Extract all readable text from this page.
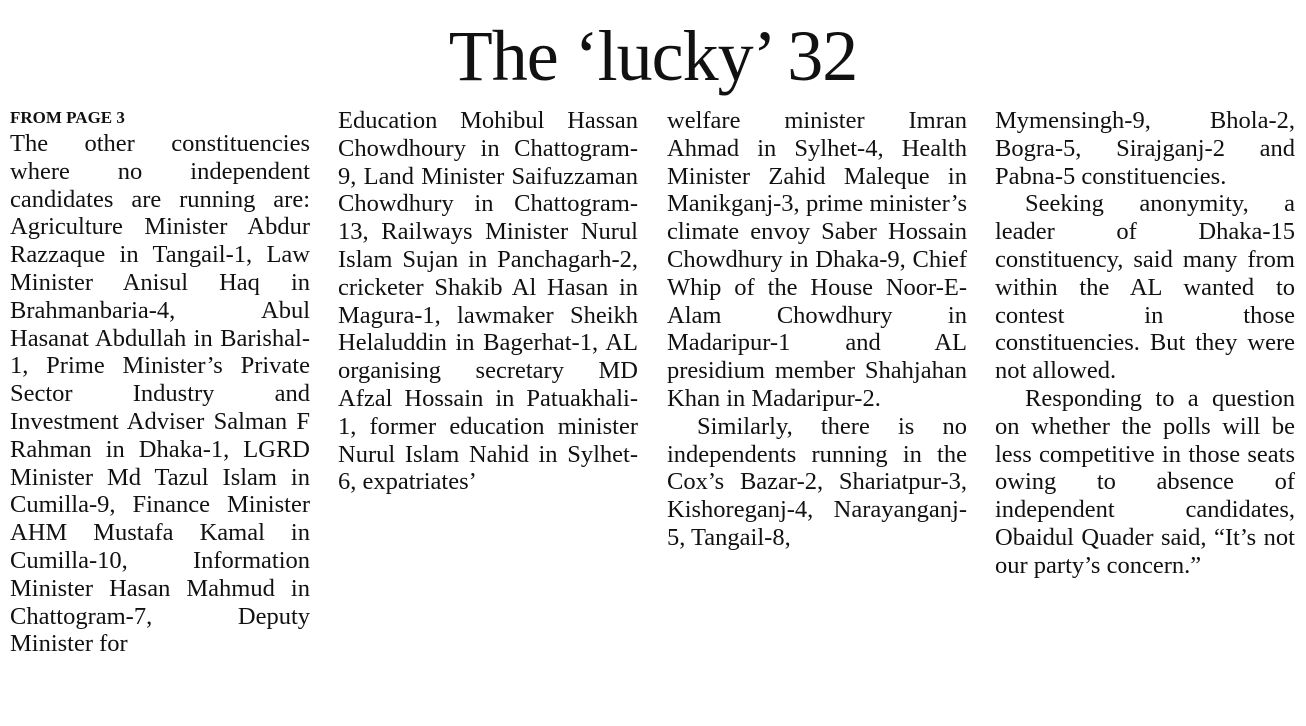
The ‘lucky’ 32
FROM PAGE 3

The other constituencies where no independent candidates are running are: Agriculture Minister Abdur Razzaque in Tangail-1, Law Minister Anisul Haq in Brahmanbaria-4, Abul Hasanat Abdullah in Barishal-1, Prime Minister’s Private Sector Industry and Investment Adviser Salman F Rahman in Dhaka-1, LGRD Minister Md Tazul Islam in Cumilla-9, Finance Minister AHM Mustafa Kamal in Cumilla-10, Information Minister Hasan Mahmud in Chattogram-7, Deputy Minister for

Education Mohibul Hassan Chowdhoury in Chattogram-9, Land Minister Saifuzzaman Chowdhury in Chattogram-13, Railways Minister Nurul Islam Sujan in Panchagarh-2, cricketer Shakib Al Hasan in Magura-1, lawmaker Sheikh Helaluddin in Bagerhat-1, AL organising secretary MD Afzal Hossain in Patuakhali-1, former education minister Nurul Islam Nahid in Sylhet-6, expatriates’

welfare minister Imran Ahmad in Sylhet-4, Health Minister Zahid Maleque in Manikganj-3, prime minister’s climate envoy Saber Hossain Chowdhury in Dhaka-9, Chief Whip of the House Noor-E-Alam Chowdhury in Madaripur-1 and AL presidium member Shahjahan Khan in Madaripur-2.

Similarly, there is no independents running in the Cox’s Bazar-2, Shariatpur-3, Kishoreganj-4, Narayanganj-5, Tangail-8,

Mymensingh-9, Bhola-2, Bogra-5, Sirajganj-2 and Pabna-5 constituencies.

Seeking anonymity, a leader of Dhaka-15 constituency, said many from within the AL wanted to contest in those constituencies. But they were not allowed.

Responding to a question on whether the polls will be less competitive in those seats owing to absence of independent candidates, Obaidul Quader said, “It’s not our party’s concern.”
